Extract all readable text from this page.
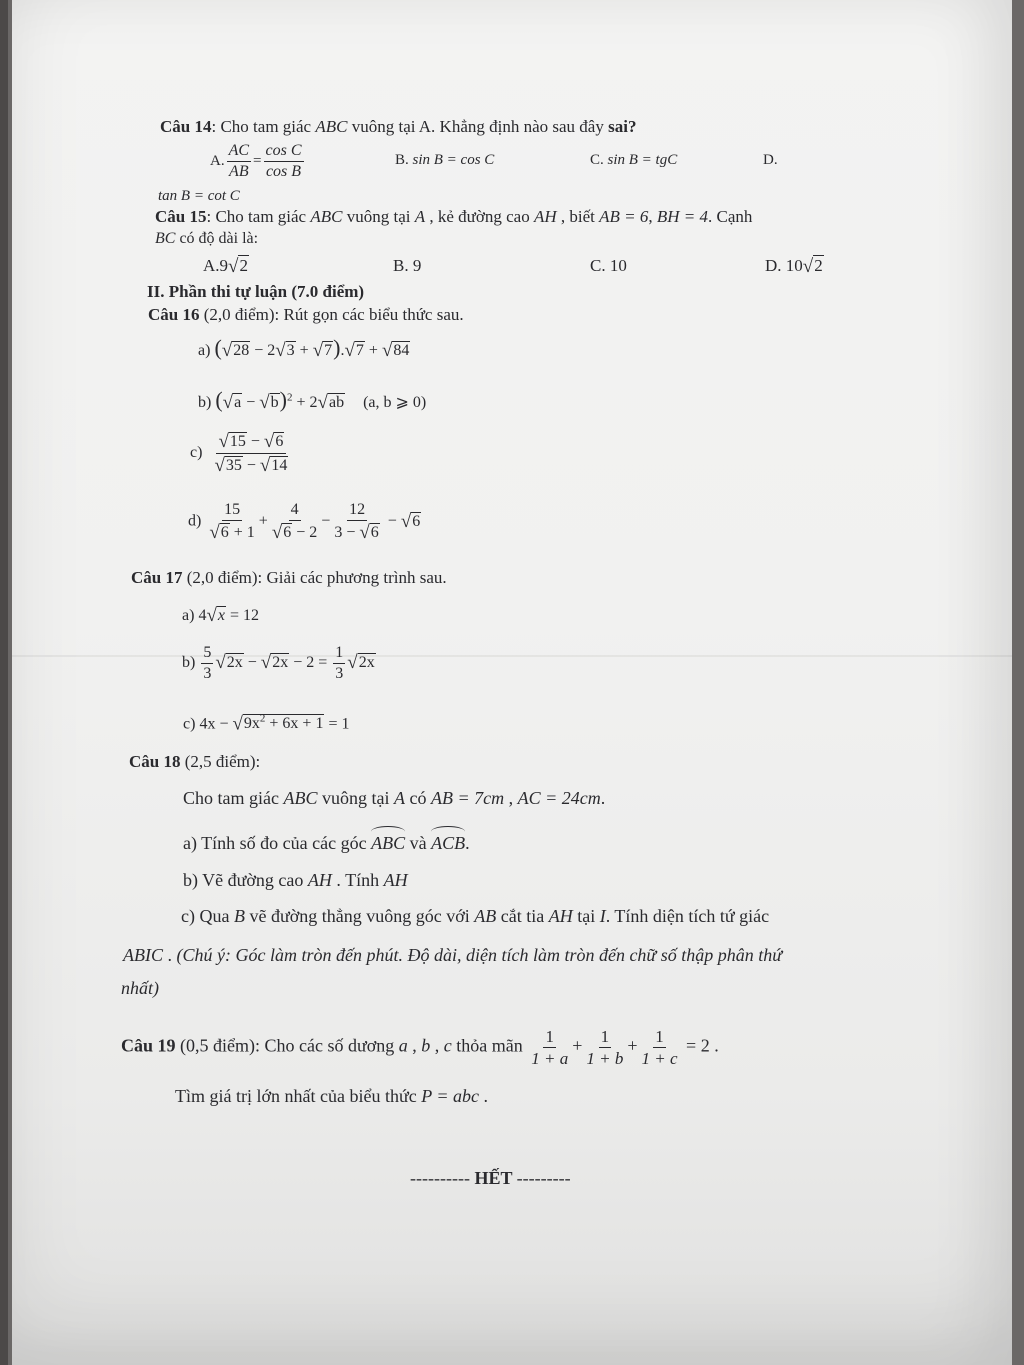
Câu 14: Cho tam giác ABC vuông tại A. Khẳng định nào sau đây sai?
A. $\frac{AC}{AB} = \frac{\text{cos C}}{\text{cos B}}$	B. sin B = cos C	C. sin B = tgC	D.
tan B = cot C
Câu 15: Cho tam giác ABC vuông tại A , kẻ đường cao AH , biết AB = 6, BH = 4. Cạnh
BC có độ dài là:
A.9√2	B. 9	C. 10	D. 10√2
II. Phần thi tự luận (7.0 điểm)
Câu 16 (2,0 điểm): Rút gọn các biểu thức sau.
a) (√28 − 2√3 + √7).√7 + √84
b) $(√a - √b)^2 + 2√ab$ (a, b ⩾ 0)
$c) \frac{√15 - √6}{√35 - √14}$
$d) \frac{15}{√6 + 1} + \frac{4}{√6 - 2} - \frac{12}{3 - √6} - √6$
Câu 17 (2,0 điểm): Giải các phương trình sau.
a) 4√x = 12
$b) \frac{5}{3} √2x - √2x - 2 = \frac{1}{3} √2x$
c) $4x - √9x^2 + 6x + 1 = 1$
Câu 18 (2,5 điểm):
Cho tam giác ABC vuông tại A có AB = 7cm , AC = 24cm.
a) Tính số đo của các góc ABC và ACB.
b) Vẽ đường cao AH . Tính AH
c) Qua B vẽ đường thẳng vuông góc với AB cắt tia AH tại I. Tính diện tích tứ giác
ABIC . (Chú ý: Góc làm tròn đến phút. Độ dài, diện tích làm tròn đến chữ số thập phân thứ
nhất)
Câu 19 (0,5 điểm): Cho các số dương a , b , c thỏa mãn $\frac{1}{1 + a} + \frac{1}{1 + b} + \frac{1}{1 + c} = 2$ .
Tìm giá trị lớn nhất của biểu thức P = abc .
---------- HẾT ---------
